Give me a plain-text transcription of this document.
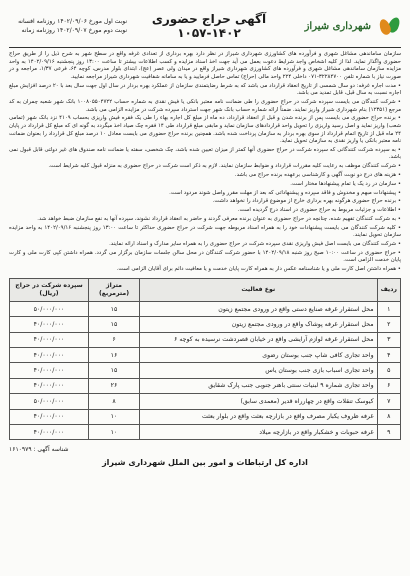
شهرداری شیراز
آگهی حراج حضوری ۱۴۰۲-۱۰۵۷
نوبت اول مورخ ۱۴۰۲/۰۹/۰۶ روزنامه افسانه
نوبت دوم مورخ ۱۴۰۲/۰۹/۰۷ روزنامه زمانه

سازمان ساماندهی مشاغل شهری و فرآورده های کشاورزی شهرداری شیراز در نظر دارد بهره برداری از تعدادی غرفه واقع در سطح شهر به شرح ذیل را از طریق حراج حضوری واگذار نماید. لذا از کلیه اشخاص واجد شرایط دعوت بعمل می آید جهت اخذ اسناد مزایده و کسب اطلاعات بیشتر تا ساعت ۱۳:۰۰ روز پنجشنبه ۱۴۰۲/۰۹/۱۶ به واحد مزایده سازمان ساماندهی مشاغل شهری و فرآورده های کشاورزی شهرداری شیراز واقع در میدان ولی عصر (عج)، ابتدای بلوار مدرس، کوچه ۶۴، فرعی ۱/۳۷، مراجعه و در صورت نیاز با شماره تلفن ۳۲۲۸۴۷۰۰-۰۷۱ داخلی ۲۲۴ واحد مالی (حراج) تماس حاصل فرمایید و یا به سامانه شفافیت شهرداری شیراز مراجعه نمایید.

• مدت اجاره غرفه: دو سال شمسی از تاریخ انعقاد قرارداد می باشد که به شرط رضایتمندی سازمان از عملکرد بهره بردار در سال اول جهت سال بعد با ۲۰ درصد افزایش مبلغ اجاره نسبت به سال قبل، قابل تمدید می باشد.

• شرکت کنندگان می بایست سپرده شرکت در حراج حضوری را طی ضمانت نامه معتبر بانکی یا فیش نقدی به شماره حساب ۱۰۰۸۰۵۵۰۴۷۲۲ بانک شهر شعبه چمران به کد مرجع (۱۲۳۵۱) بنام شهرداری شیراز واریز نمایند. ضمناً ارائه شماره حساب بانک شهر جهت استرداد سپرده شرکت در مزایده الزامی می باشد.

• برنده حراج حضوری می بایست پس از برنده شدن و قبل از انعقاد قرارداد، ده ماه از مبلغ کل اجاره بهاء را طی یک فقره فیش واریزی بحساب ۴۱۰۹ نزد بانک شهر (تمامی شعب) واریز نماید و اصل رسید واریزی را تحویل واحد قراردادهای سازمان نماید و مابقی مبلغ قرارداد طی ۱۴ فقره چک صیاد اخذ میگردد به گونه ای که مبلغ کل قرارداد در پایان ۲۴ ماه قبل از تاریخ اتمام قرارداد از سوی بهره بردار به سازمان پرداخت شده باشد. همچنین برنده حراج حضوری می بایست معادل ۱۰ درصد مبلغ کل قرارداد را بعنوان ضمانت نامه معتبر بانکی یا واریز نقدی به سازمان تحویل نماید.

• به سپرده شرکت کنندگانی که سپرده شرکت در حراج حضوری آنها کمتر از میزان تعیین شده باشد، چک شخصی، سفته یا ضمانت نامه صندوق های غیر دولتی قابل قبول نمی باشد.

• شرکت کنندگان موظف به رعایت کلیه مقررات قرارداد و ضوابط سازمان نمایند. لازم به ذکر است شرکت در حراج حضوری به منزله قبول کلیه شرایط است.

• هزینه های درج دو نوبت آگهی و کارشناسی برعهده برنده حراج می باشد.

• سازمان در رد یک یا تمام پیشنهادها مختار است.

• پیشنهادات مبهم و مخدوش و فاقد سپرده و پیشنهاداتی که بعد از مهلت مقرر واصل شوند مردود است.

• برنده حراج حضوری هرگونه بهره برداری خارج از موضوع قرارداد را نخواهد داشت.

• اطلاعات و جزئیات مربوط به حراج حضوری در اسناد درج گردیده است.

• به شرکت کنندگان تفهیم شده، چنانچه در حراج حضوری به عنوان برنده معرفی گردند و حاضر به انعقاد قرارداد نشوند، سپرده آنها به نفع سازمان ضبط خواهد شد.

• کلیه شرکت کنندگان می بایست پیشنهادات خود را به همراه اسناد مربوطه جهت شرکت در حراج حضوری حداکثر تا ساعت ۱۳:۰۰ روز پنجشنبه ۱۴۰۲/۰۹/۱۶ به واحد مزایده سازمان تحویل نمایند.

• شرکت کنندگان می بایست اصل فیش واریزی نقدی سپرده شرکت در حراج حضوری را به همراه سایر مدارک و اسناد ارائه نمایند.

• حراج حضوری در ساعت ۱۰:۰۰ صبح روز شنبه ۱۴۰۲/۰۹/۱۸ با حضور شرکت کنندگان در محل سالن جلسات سازمان برگزار می گردد. همراه داشتن کپی کارت ملی و کارت پایان خدمت الزامی است.

• همراه داشتن اصل کارت ملی و یا شناسنامه عکس دار به همراه کارت پایان خدمت و یا معافیت دائم برای آقایان الزامی است.

ردیف	نوع فعالیت	متراژ (مترمربع)	سپرده شرکت در حراج (ریال)
۱	محل استقرار غرفه صنایع دستی واقع در ورودی مجتمع زیتون	۱۵	۵۰/۰۰۰/۰۰۰
۲	محل استقرار غرفه پوشاک واقع در ورودی مجتمع زیتون	۱۵	۴۰/۰۰۰/۰۰۰
۳	محل استقرار غرفه لوازم آرایشی واقع در خیابان قصردشت نرسیده به کوچه ۶	۶	۴۰/۰۰۰/۰۰۰
۴	واحد تجاری کافی شاپ جنب بوستان رضوی	۱۶	۴۰/۰۰۰/۰۰۰
۵	واحد تجاری اسباب بازی جنب بوستان یاس	۱۵	۴۰/۰۰۰/۰۰۰
۶	واحد تجاری شماره ۹ لبنیات سنتی باهنر جنوبی جنب پارک شقایق	۲۶	۴۰/۰۰۰/۰۰۰
۷	کیوسک تنقلات واقع در چهارراه قدیر (معمدی سابق)	۸	۵۰/۰۰۰/۰۰۰
۸	غرفه ظروف یکبار مصرف واقع در بازارچه بعثت واقع در بلوار بعثت	۱۰	۴۰/۰۰۰/۰۰۰
۹	غرفه حبوبات و خشکبار واقع در بازارچه میلاد	۱۰	۴۰/۰۰۰/۰۰۰
شناسه آگهی : ۱۶۱۰۹۷۹
اداره کل ارتباطات و امور بین الملل شهرداری شیراز
